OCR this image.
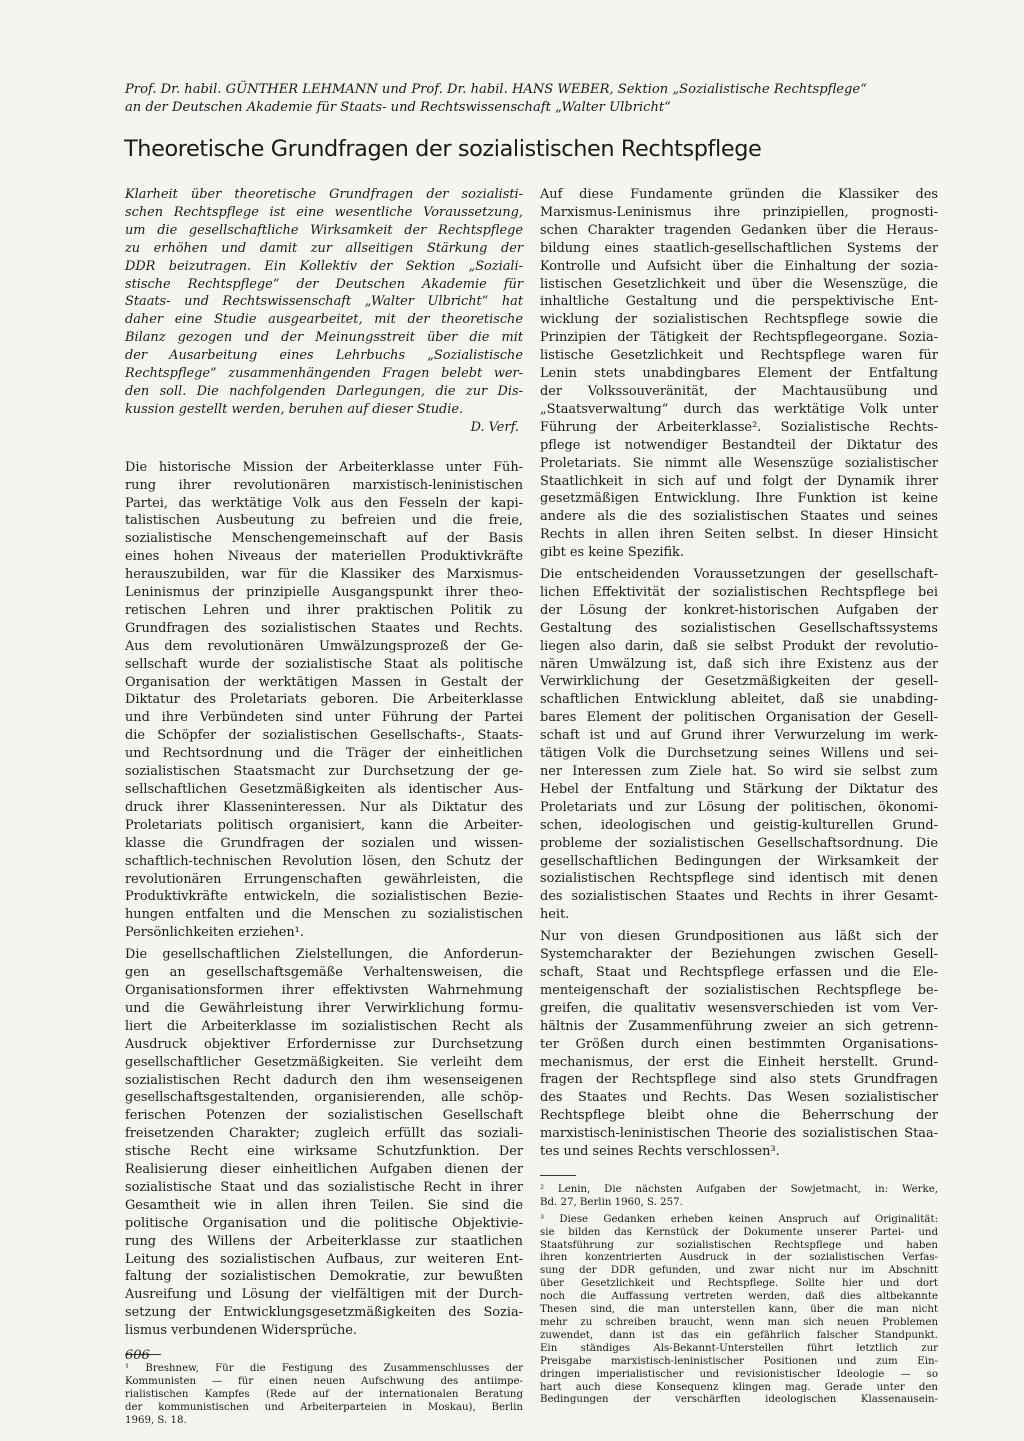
Prof. Dr. habil. GÜNTHER LEHMANN und Prof. Dr. habil. HANS WEBER, Sektion „Sozialistische Rechtspflege“

an der Deutschen Akademie für Staats- und Rechtswissenschaft „Walter Ulbricht“

Theoretische Grundfragen der sozialistischen Rechtspflege

Klarheit über theoretische Grundfragen der sozialisti-

schen Rechtspflege ist eine wesentliche Voraussetzung,

um die gesellschaftliche Wirksamkeit der Rechtspflege

zu erhöhen und damit zur allseitigen Stärkung der

DDR beizutragen. Ein Kollektiv der Sektion „Soziali-

stische Rechtspflege“ der Deutschen Akademie für

Staats- und Rechtswissenschaft „Walter Ulbricht“ hat

daher eine Studie ausgearbeitet, mit der theoretische

Bilanz gezogen und der Meinungsstreit über die mit

der Ausarbeitung eines Lehrbuchs „Sozialistische

Rechtspflege“ zusammenhängenden Fragen belebt wer-

den soll. Die nachfolgenden Darlegungen, die zur Dis-

kussion gestellt werden, beruhen auf dieser Studie.

D. Verf.

Die historische Mission der Arbeiterklasse unter Füh-

rung ihrer revolutionären marxistisch-leninistischen

Partei, das werktätige Volk aus den Fesseln der kapi-

talistischen Ausbeutung zu befreien und die freie,

sozialistische Menschengemeinschaft auf der Basis

eines hohen Niveaus der materiellen Produktivkräfte

herauszubilden, war für die Klassiker des Marxismus-

Leninismus der prinzipielle Ausgangspunkt ihrer theo-

retischen Lehren und ihrer praktischen Politik zu

Grundfragen des sozialistischen Staates und Rechts.

Aus dem revolutionären Umwälzungsprozeß der Ge-

sellschaft wurde der sozialistische Staat als politische

Organisation der werktätigen Massen in Gestalt der

Diktatur des Proletariats geboren. Die Arbeiterklasse

und ihre Verbündeten sind unter Führung der Partei

die Schöpfer der sozialistischen Gesellschafts-, Staats-

und Rechtsordnung und die Träger der einheitlichen

sozialistischen Staatsmacht zur Durchsetzung der ge-

sellschaftlichen Gesetzmäßigkeiten als identischer Aus-

druck ihrer Klasseninteressen. Nur als Diktatur des

Proletariats politisch organisiert, kann die Arbeiter-

klasse die Grundfragen der sozialen und wissen-

schaftlich-technischen Revolution lösen, den Schutz der

revolutionären Errungenschaften gewährleisten, die

Produktivkräfte entwickeln, die sozialistischen Bezie-

hungen entfalten und die Menschen zu sozialistischen

Persönlichkeiten erziehen¹.

Die gesellschaftlichen Zielstellungen, die Anforderun-

gen an gesellschaftsgemäße Verhaltensweisen, die

Organisationsformen ihrer effektivsten Wahrnehmung

und die Gewährleistung ihrer Verwirklichung formu-

liert die Arbeiterklasse im sozialistischen Recht als

Ausdruck objektiver Erfordernisse zur Durchsetzung

gesellschaftlicher Gesetzmäßigkeiten. Sie verleiht dem

sozialistischen Recht dadurch den ihm wesenseigenen

gesellschaftsgestaltenden, organisierenden, alle schöp-

ferischen Potenzen der sozialistischen Gesellschaft

freisetzenden Charakter; zugleich erfüllt das soziali-

stische Recht eine wirksame Schutzfunktion. Der

Realisierung dieser einheitlichen Aufgaben dienen der

sozialistische Staat und das sozialistische Recht in ihrer

Gesamtheit wie in allen ihren Teilen. Sie sind die

politische Organisation und die politische Objektivie-

rung des Willens der Arbeiterklasse zur staatlichen

Leitung des sozialistischen Aufbaus, zur weiteren Ent-

faltung der sozialistischen Demokratie, zur bewußten

Ausreifung und Lösung der vielfältigen mit der Durch-

setzung der Entwicklungsgesetzmäßigkeiten des Sozia-

lismus verbundenen Widersprüche.

¹ Breshnew, Für die Festigung des Zusammenschlusses der

Kommunisten — für einen neuen Aufschwung des antiimpe-

rialistischen Kampfes (Rede auf der internationalen Beratung

der kommunistischen und Arbeiterparteien in Moskau), Berlin

1969, S. 18.

Auf diese Fundamente gründen die Klassiker des

Marxismus-Leninismus ihre prinzipiellen, prognosti-

schen Charakter tragenden Gedanken über die Heraus-

bildung eines staatlich-gesellschaftlichen Systems der

Kontrolle und Aufsicht über die Einhaltung der sozia-

listischen Gesetzlichkeit und über die Wesenszüge, die

inhaltliche Gestaltung und die perspektivische Ent-

wicklung der sozialistischen Rechtspflege sowie die

Prinzipien der Tätigkeit der Rechtspflegeorgane. Sozia-

listische Gesetzlichkeit und Rechtspflege waren für

Lenin stets unabdingbares Element der Entfaltung

der Volkssouveränität, der Machtausübung und

„Staatsverwaltung“ durch das werktätige Volk unter

Führung der Arbeiterklasse². Sozialistische Rechts-

pflege ist notwendiger Bestandteil der Diktatur des

Proletariats. Sie nimmt alle Wesenszüge sozialistischer

Staatlichkeit in sich auf und folgt der Dynamik ihrer

gesetzmäßigen Entwicklung. Ihre Funktion ist keine

andere als die des sozialistischen Staates und seines

Rechts in allen ihren Seiten selbst. In dieser Hinsicht

gibt es keine Spezifik.

Die entscheidenden Voraussetzungen der gesellschaft-

lichen Effektivität der sozialistischen Rechtspflege bei

der Lösung der konkret-historischen Aufgaben der

Gestaltung des sozialistischen Gesellschaftssystems

liegen also darin, daß sie selbst Produkt der revolutio-

nären Umwälzung ist, daß sich ihre Existenz aus der

Verwirklichung der Gesetzmäßigkeiten der gesell-

schaftlichen Entwicklung ableitet, daß sie unabding-

bares Element der politischen Organisation der Gesell-

schaft ist und auf Grund ihrer Verwurzelung im werk-

tätigen Volk die Durchsetzung seines Willens und sei-

ner Interessen zum Ziele hat. So wird sie selbst zum

Hebel der Entfaltung und Stärkung der Diktatur des

Proletariats und zur Lösung der politischen, ökonomi-

schen, ideologischen und geistig-kulturellen Grund-

probleme der sozialistischen Gesellschaftsordnung. Die

gesellschaftlichen Bedingungen der Wirksamkeit der

sozialistischen Rechtspflege sind identisch mit denen

des sozialistischen Staates und Rechts in ihrer Gesamt-

heit.

Nur von diesen Grundpositionen aus läßt sich der

Systemcharakter der Beziehungen zwischen Gesell-

schaft, Staat und Rechtspflege erfassen und die Ele-

menteigenschaft der sozialistischen Rechtspflege be-

greifen, die qualitativ wesensverschieden ist vom Ver-

hältnis der Zusammenführung zweier an sich getrenn-

ter Größen durch einen bestimmten Organisations-

mechanismus, der erst die Einheit herstellt. Grund-

fragen der Rechtspflege sind also stets Grundfragen

des Staates und Rechts. Das Wesen sozialistischer

Rechtspflege bleibt ohne die Beherrschung der

marxistisch-leninistischen Theorie des sozialistischen Staa-

tes und seines Rechts verschlossen³.

² Lenin, Die nächsten Aufgaben der Sowjetmacht, in: Werke,

Bd. 27, Berlin 1960, S. 257.

³ Diese Gedanken erheben keinen Anspruch auf Originalität:

sie bilden das Kernstück der Dokumente unserer Partei- und

Staatsführung zur sozialistischen Rechtspflege und haben

ihren konzentrierten Ausdruck in der sozialistischen Verfas-

sung der DDR gefunden, und zwar nicht nur im Abschnitt

über Gesetzlichkeit und Rechtspflege. Sollte hier und dort

noch die Auffassung vertreten werden, daß dies altbekannte

Thesen sind, die man unterstellen kann, über die man nicht

mehr zu schreiben braucht, wenn man sich neuen Problemen

zuwendet, dann ist das ein gefährlich falscher Standpunkt.

Ein ständiges Als-Bekannt-Unterstellen führt letztlich zur

Preisgabe marxistisch-leninistischer Positionen und zum Ein-

dringen imperialistischer und revisionistischer Ideologie — so

hart auch diese Konsequenz klingen mag. Gerade unter den

Bedingungen der verschärften ideologischen Klassenausein-

606
